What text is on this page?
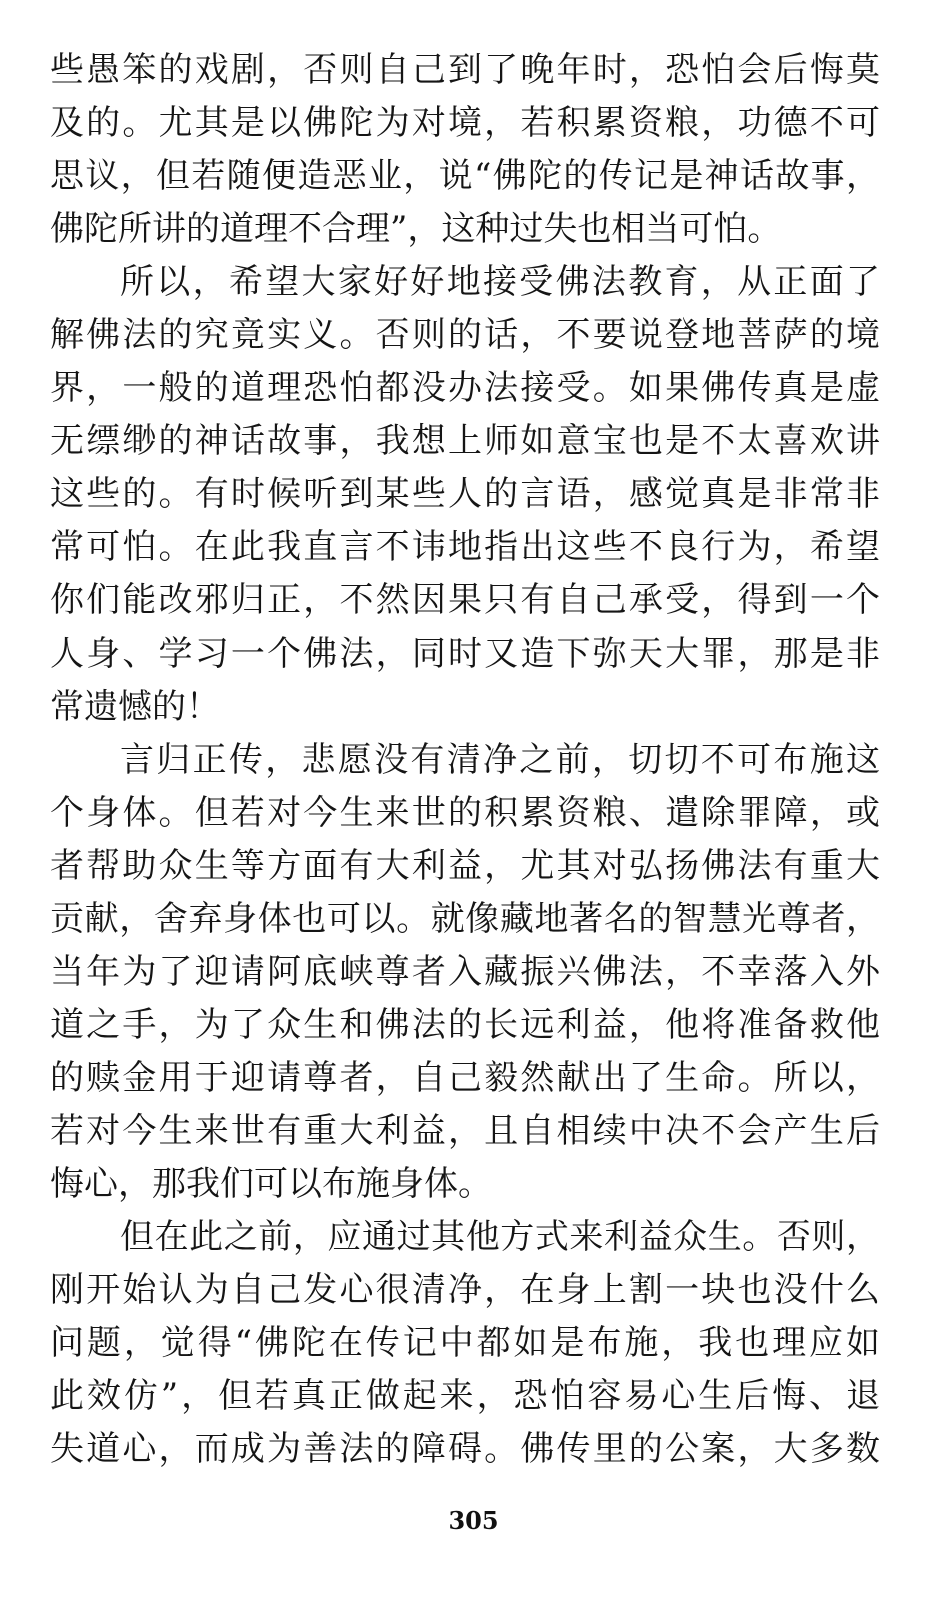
些愚笨的戏剧，否则自己到了晚年时，恐怕会后悔莫
及的。尤其是以佛陀为对境，若积累资粮，功德不可
思议，但若随便造恶业，说“佛陀的传记是神话故事，
佛陀所讲的道理不合理”，这种过失也相当可怕。
所以，希望大家好好地接受佛法教育，从正面了
解佛法的究竟实义。否则的话，不要说登地菩萨的境
界，一般的道理恐怕都没办法接受。如果佛传真是虚
无缥缈的神话故事，我想上师如意宝也是不太喜欢讲
这些的。有时候听到某些人的言语，感觉真是非常非
常可怕。在此我直言不讳地指出这些不良行为，希望
你们能改邪归正，不然因果只有自己承受，得到一个
人身、学习一个佛法，同时又造下弥天大罪，那是非
常遗憾的！
言归正传，悲愿没有清净之前，切切不可布施这
个身体。但若对今生来世的积累资粮、遣除罪障，或
者帮助众生等方面有大利益，尤其对弘扬佛法有重大
贡献，舍弃身体也可以。就像藏地著名的智慧光尊者，
当年为了迎请阿底峡尊者入藏振兴佛法，不幸落入外
道之手，为了众生和佛法的长远利益，他将准备救他
的赎金用于迎请尊者，自己毅然献出了生命。所以，
若对今生来世有重大利益，且自相续中决不会产生后
悔心，那我们可以布施身体。
但在此之前，应通过其他方式来利益众生。否则，
刚开始认为自己发心很清净，在身上割一块也没什么
问题，觉得“佛陀在传记中都如是布施，我也理应如
此效仿”，但若真正做起来，恐怕容易心生后悔、退
失道心，而成为善法的障碍。佛传里的公案，大多数
305
